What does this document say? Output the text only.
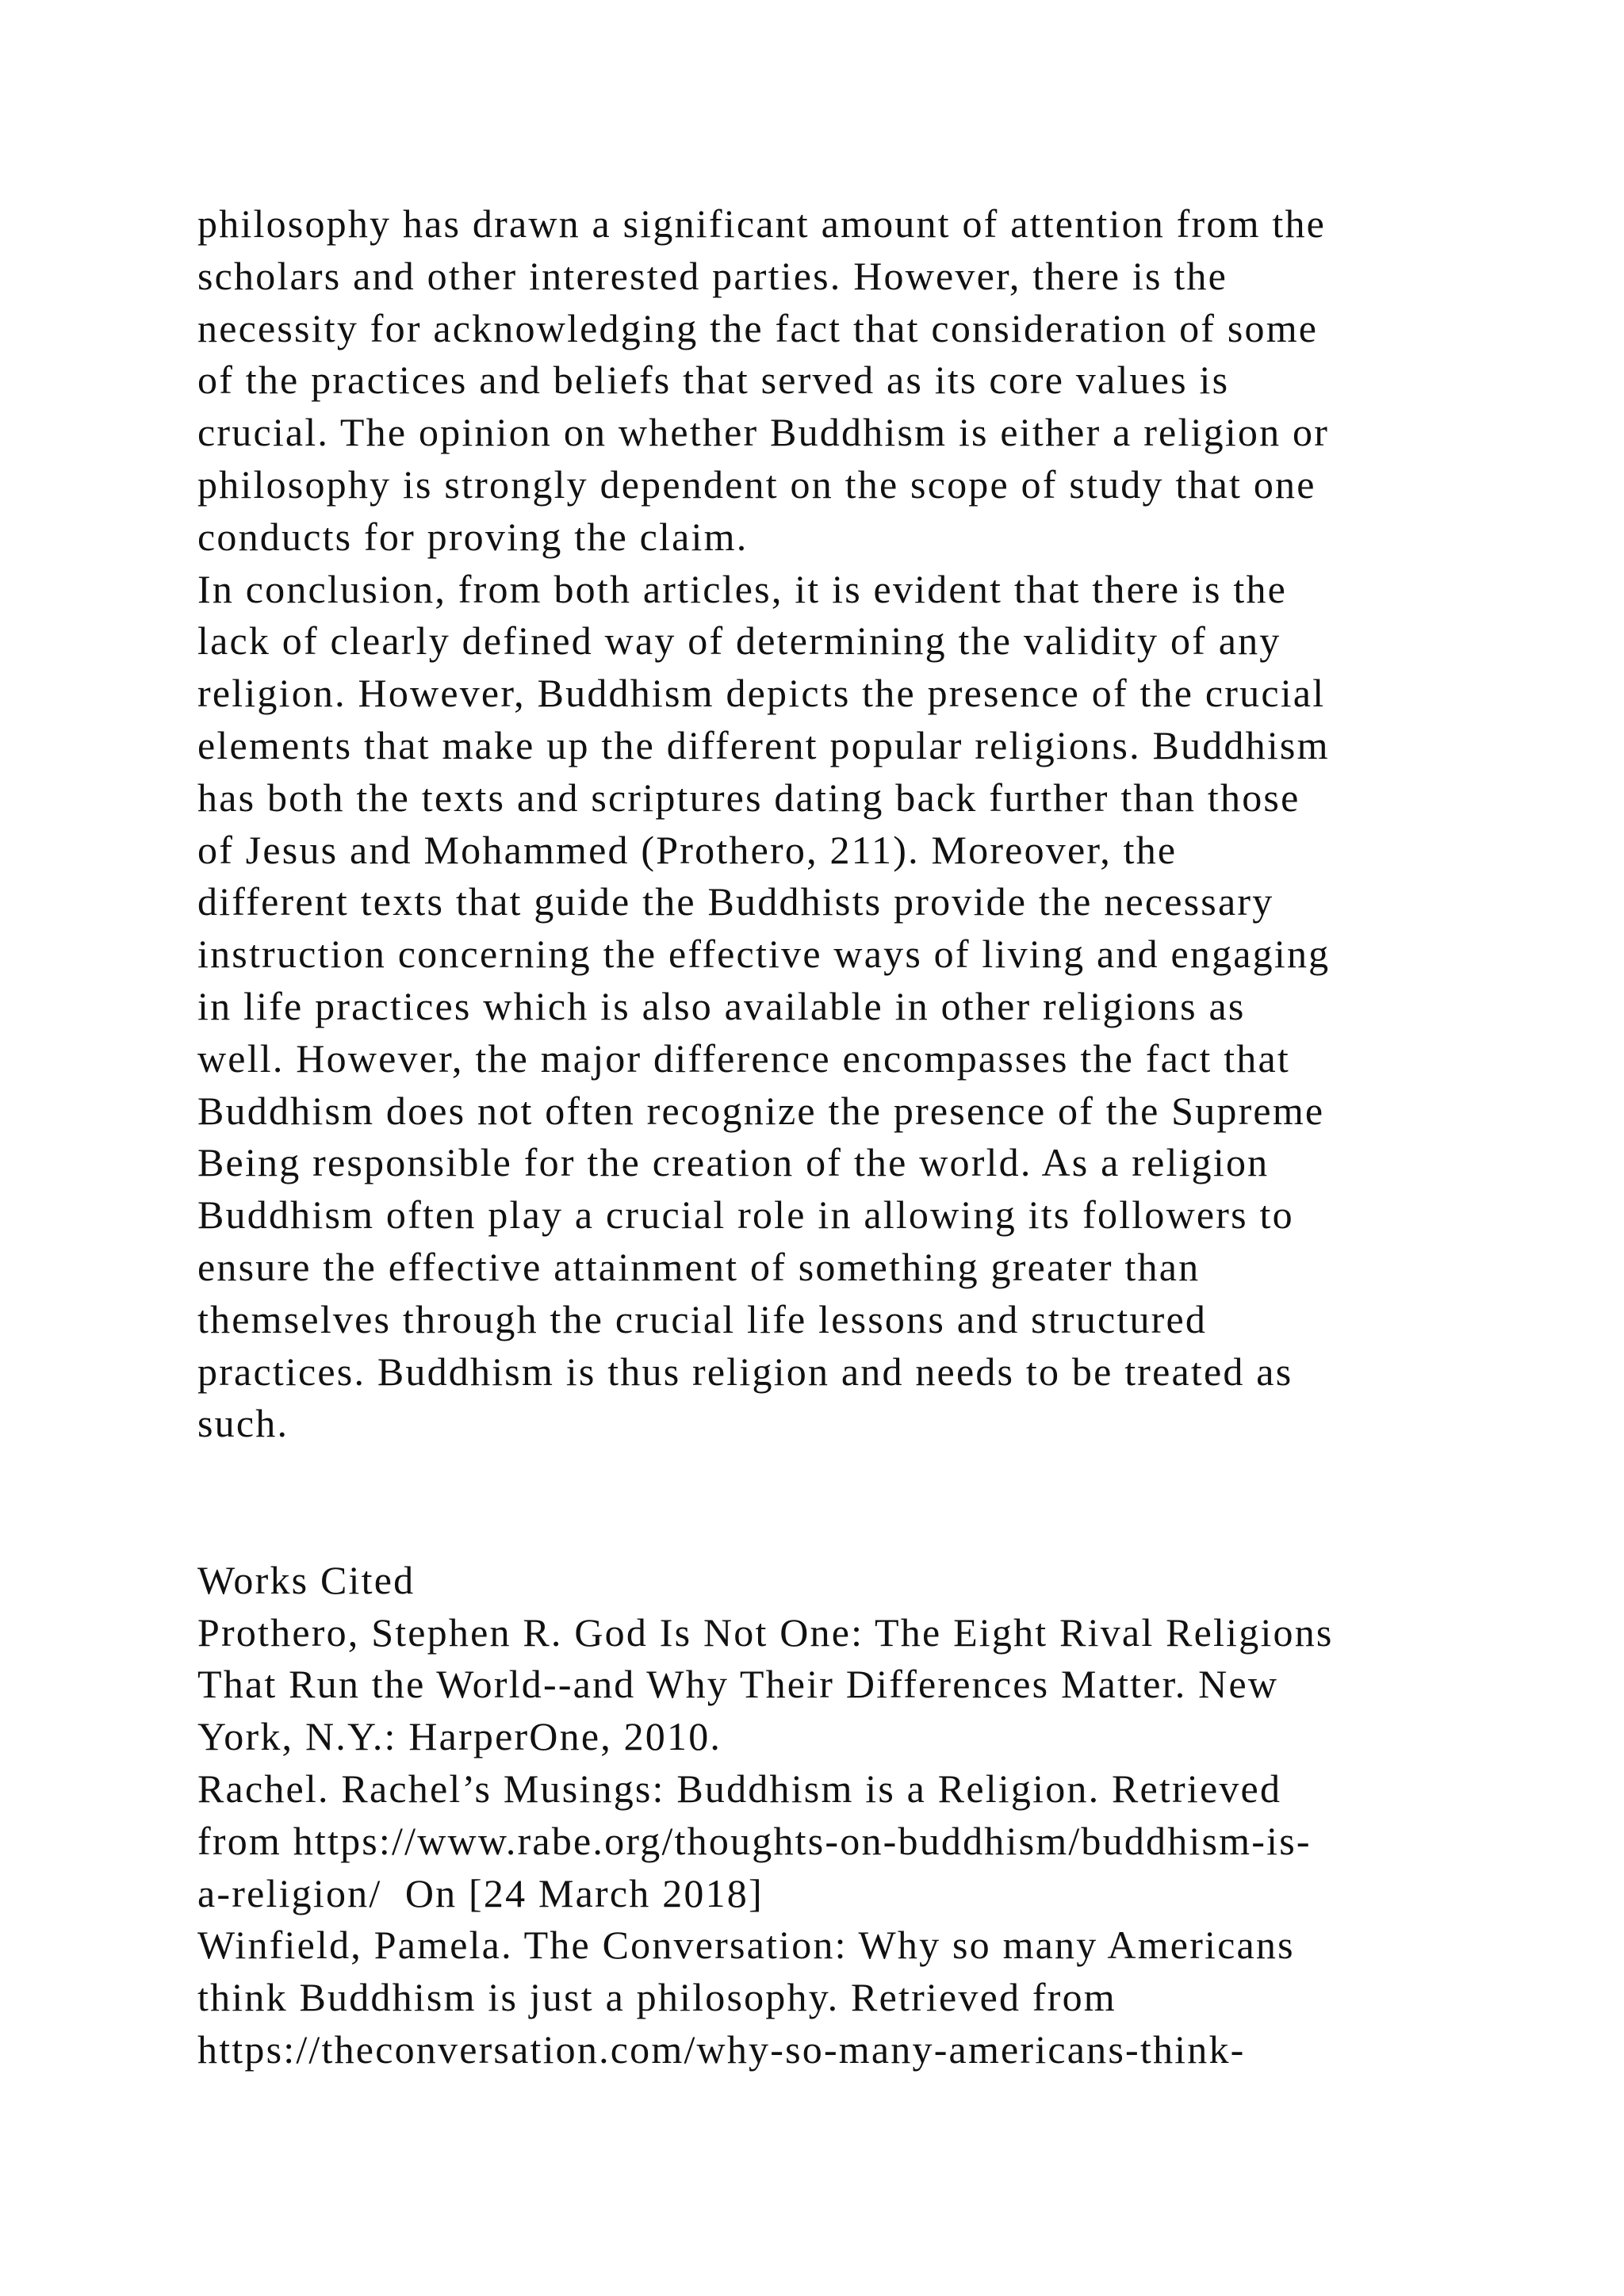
philosophy has drawn a significant amount of attention from the
scholars and other interested parties. However, there is the
necessity for acknowledging the fact that consideration of some
of the practices and beliefs that served as its core values is
crucial. The opinion on whether Buddhism is either a religion or
philosophy is strongly dependent on the scope of study that one
conducts for proving the claim.
In conclusion, from both articles, it is evident that there is the
lack of clearly defined way of determining the validity of any
religion. However, Buddhism depicts the presence of the crucial
elements that make up the different popular religions. Buddhism
has both the texts and scriptures dating back further than those
of Jesus and Mohammed (Prothero, 211). Moreover, the
different texts that guide the Buddhists provide the necessary
instruction concerning the effective ways of living and engaging
in life practices which is also available in other religions as
well. However, the major difference encompasses the fact that
Buddhism does not often recognize the presence of the Supreme
Being responsible for the creation of the world. As a religion
Buddhism often play a crucial role in allowing its followers to
ensure the effective attainment of something greater than
themselves through the crucial life lessons and structured
practices. Buddhism is thus religion and needs to be treated as
such.
Works Cited
Prothero, Stephen R. God Is Not One: The Eight Rival Religions
That Run the World--and Why Their Differences Matter. New
York, N.Y.: HarperOne, 2010.
Rachel. Rachel’s Musings: Buddhism is a Religion. Retrieved
from https://www.rabe.org/thoughts-on-buddhism/buddhism-is-
a-religion/  On [24 March 2018]
Winfield, Pamela. The Conversation: Why so many Americans
think Buddhism is just a philosophy. Retrieved from
https://theconversation.com/why-so-many-americans-think-
